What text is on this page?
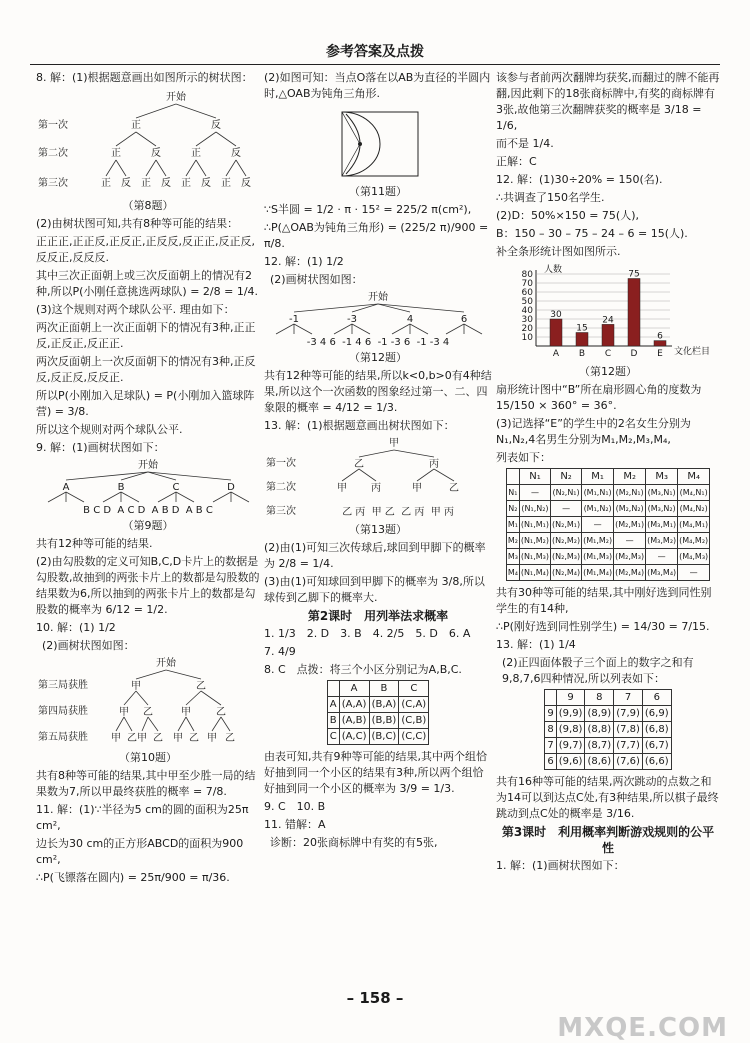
参考答案及点拨

8. 解：(1)根据题意画出如图所示的树状图：

开始
第一次
第二次
第三次
正	反
正	反	正	反
正 反 正 反 正 反 正 反

（第8题）

(2)由树状图可知,共有8种等可能的结果：

正正正,正正反,正反正,正反反,反正正,反正反,反反正,反反反.

其中三次正面朝上或三次反面朝上的情况有2种,所以P(小刚任意挑选两球队) = 2/8 = 1/4.

(3)这个规则对两个球队公平. 理由如下：

两次正面朝上一次正面朝下的情况有3种,正正反,正反正,反正正.

两次反面朝上一次反面朝下的情况有3种,正反反,反正反,反反正.

所以P(小刚加入足球队) = P(小刚加入篮球阵营) = 3/8.

所以这个规则对两个球队公平.

9. 解：(1)画树状图如下：

开始
A	B	C	D
B C D  A C D  A B D  A B C

（第9题）

共有12种等可能的结果.

(2)由勾股数的定义可知B,C,D卡片上的数据是勾股数,故抽到的两张卡片上的数都是勾股数的结果数为6,所以抽到的两张卡片上的数都是勾股数的概率为 6/12 = 1/2.

10. 解：(1) 1/2

(2)画树状图如图：

开始
第三局获胜
第四局获胜
第五局获胜
甲	乙
甲 乙	甲	乙
甲 乙 甲 乙 甲 乙 甲 乙

（第10题）

共有8种等可能的结果,其中甲至少胜一局的结果数为7,所以甲最终获胜的概率 = 7/8.

11. 解：(1)∵半径为5 cm的圆的面积为25π cm²,

边长为30 cm的正方形ABCD的面积为900 cm²,

∴P(飞镖落在圆内) = 25π/900 = π/36.

(2)如图可知：当点O落在以AB为直径的半圆内时,△OAB为钝角三角形.

（第11题）

∵S半圆 = 1/2 · π · 15² = 225/2 π(cm²),

∴P(△OAB为钝角三角形) = (225/2 π)/900 = π/8.

12. 解：(1) 1/2

(2)画树状图如图：

开始
-1	-3	4	6
-3 4 6  -1 4 6  -1 -3 6  -1 -3 4

（第12题）

共有12种等可能的结果,所以k<0,b>0有4种结果,所以这个一次函数的图象经过第一、二、四象限的概率 = 4/12 = 1/3.

13. 解：(1)根据题意画出树状图如下：

甲
第一次
第二次
第三次
乙	丙
甲 丙	甲	乙
乙 丙  甲 乙  乙 丙  甲 丙

（第13题）

(2)由(1)可知三次传球后,球回到甲脚下的概率为 2/8 = 1/4.

(3)由(1)可知球回到甲脚下的概率为 3/8,所以球传到乙脚下的概率大.

第2课时　用列举法求概率

1. 1/3　2. D　3. B　4. 2/5　5. D　6. A

7. 4/9

8. C　点拨：将三个小区分别记为A,B,C.

	A	B	C
A	(A,A)	(B,A)	(C,A)
B	(A,B)	(B,B)	(C,B)
C	(A,C)	(B,C)	(C,C)

由表可知,共有9种等可能的结果,其中两个组恰好抽到同一个小区的结果有3种,所以两个组恰好抽到同一个小区的概率为 3/9 = 1/3.

9. C　10. B

11. 错解：A

诊断：20张商标牌中有奖的有5张,

该参与者前两次翻牌均获奖,而翻过的牌不能再翻,因此剩下的18张商标牌中,有奖的商标牌有3张,故他第三次翻牌获奖的概率是 3/18 = 1/6,

而不是 1/4.

正解：C

12. 解：(1)30÷20% = 150(名).

∴共调查了150名学生.

(2)D：50%×150 = 75(人),

B：150 – 30 – 75 – 24 – 6 = 15(人).

补全条形统计图如图所示.

人数
文化栏目
10
20
30
40
50
60
70
80
A
30
B
15
C
24
D
75
E
6

（第12题）

扇形统计图中“B”所在扇形圆心角的度数为 15/150 × 360° = 36°.

(3)记选择“E”的学生中的2名女生分别为N₁,N₂,4名男生分别为M₁,M₂,M₃,M₄,

列表如下：

	N₁	N₂	M₁	M₂	M₃	M₄
N₁	—	(N₂,N₁)	(M₁,N₁)	(M₂,N₁)	(M₃,N₁)	(M₄,N₁)
N₂	(N₁,N₂)	—	(M₁,N₂)	(M₂,N₂)	(M₃,N₂)	(M₄,N₂)
M₁	(N₁,M₁)	(N₂,M₁)	—	(M₂,M₁)	(M₃,M₁)	(M₄,M₁)
M₂	(N₁,M₂)	(N₂,M₂)	(M₁,M₂)	—	(M₃,M₂)	(M₄,M₂)
M₃	(N₁,M₃)	(N₂,M₃)	(M₁,M₃)	(M₂,M₃)	—	(M₄,M₃)
M₄	(N₁,M₄)	(N₂,M₄)	(M₁,M₄)	(M₂,M₄)	(M₃,M₄)	—

共有30种等可能的结果,其中刚好选到同性别学生的有14种,

∴P(刚好选到同性别学生) = 14/30 = 7/15.

13. 解：(1) 1/4

(2)正四面体骰子三个面上的数字之和有9,8,7,6四种情况,所以列表如下：

	9	8	7	6
9	(9,9)	(8,9)	(7,9)	(6,9)
8	(9,8)	(8,8)	(7,8)	(6,8)
7	(9,7)	(8,7)	(7,7)	(6,7)
6	(9,6)	(8,6)	(7,6)	(6,6)

共有16种等可能的结果,两次跳动的点数之和为14可以到达点C处,有3种结果,所以棋子最终跳动到点C处的概率是 3/16.

第3课时　利用概率判断游戏规则的公平性

1. 解：(1)画树状图如下：

– 158 –
MXQE.COM
